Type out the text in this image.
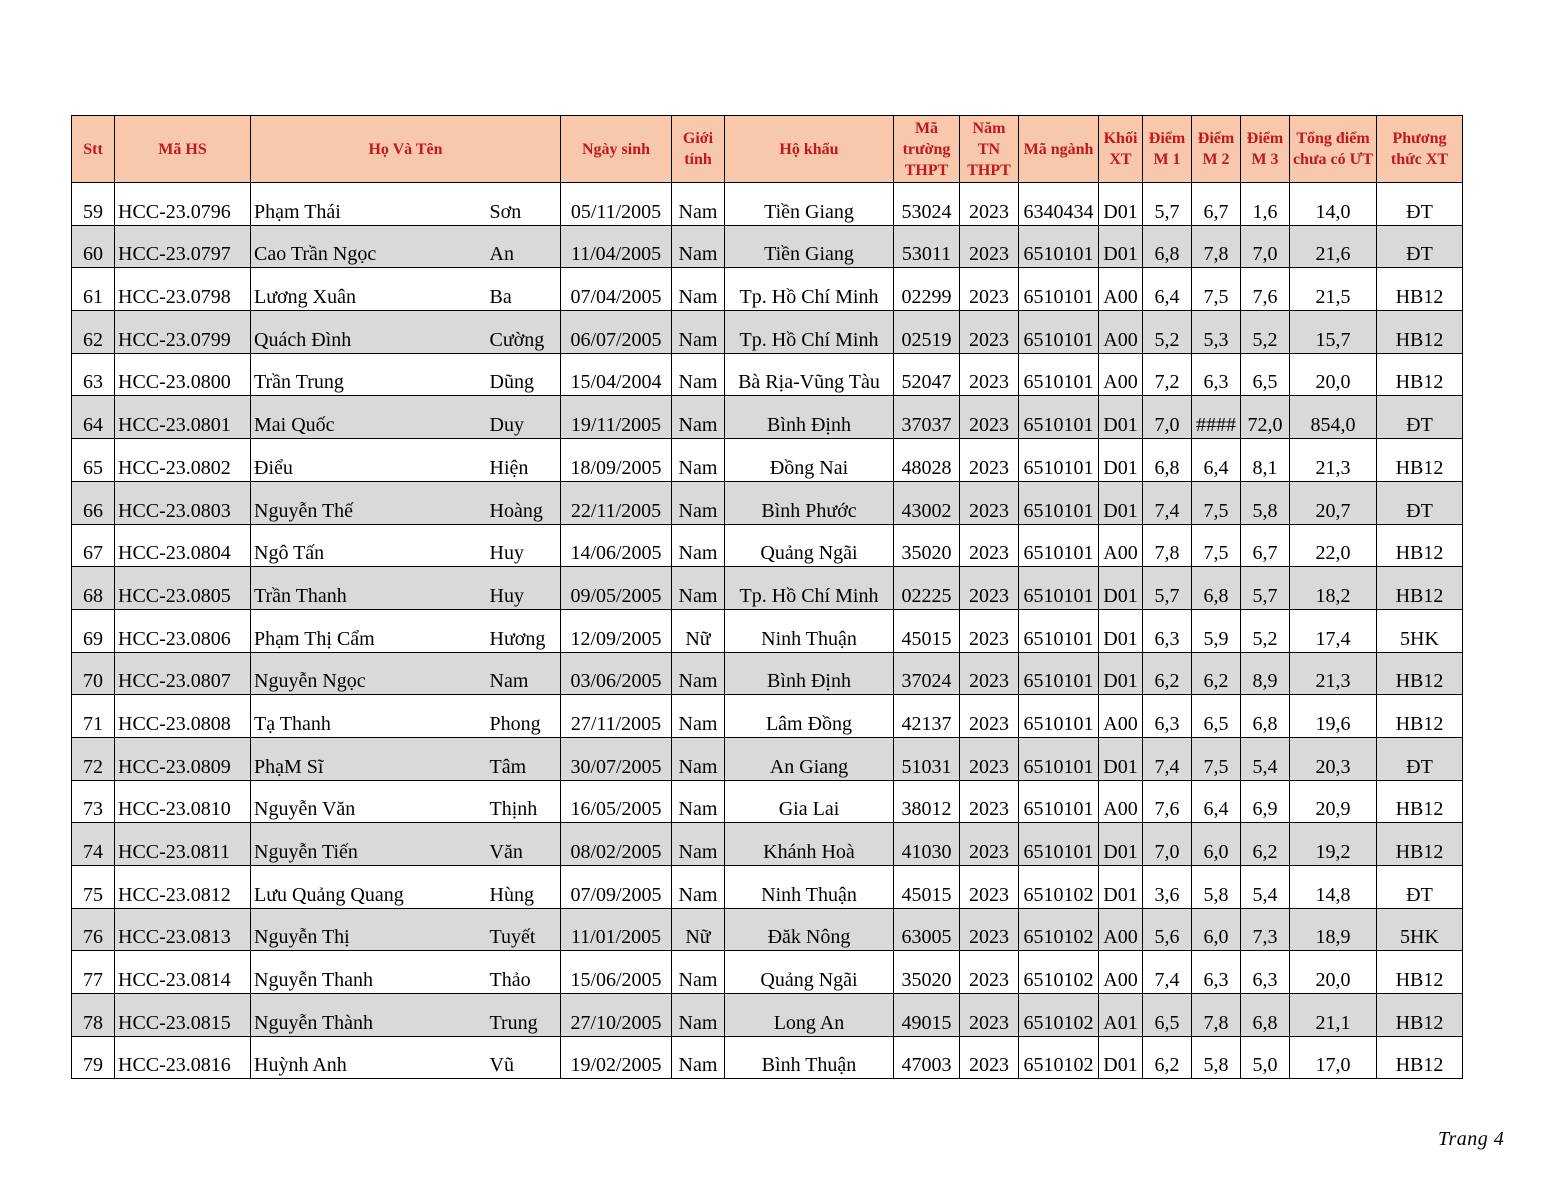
Stt	Mã HS	Họ Và Tên		Ngày sinh	Giới tính	Hộ khẩu	Mã trường THPT	Năm TN THPT	Mã ngành	Khối XT	Điểm M 1	Điểm M 2	Điểm M 3	Tổng điểm chưa có ƯT	Phương thức XT
59	HCC-23.0796	Phạm Thái	Sơn	05/11/2005	Nam	Tiền Giang	53024	2023	6340434	D01	5,7	6,7	1,6	14,0	ĐT
60	HCC-23.0797	Cao Trần Ngọc	An	11/04/2005	Nam	Tiền Giang	53011	2023	6510101	D01	6,8	7,8	7,0	21,6	ĐT
61	HCC-23.0798	Lương Xuân	Ba	07/04/2005	Nam	Tp. Hồ Chí Minh	02299	2023	6510101	A00	6,4	7,5	7,6	21,5	HB12
62	HCC-23.0799	Quách Đình	Cường	06/07/2005	Nam	Tp. Hồ Chí Minh	02519	2023	6510101	A00	5,2	5,3	5,2	15,7	HB12
63	HCC-23.0800	Trần Trung	Dũng	15/04/2004	Nam	Bà Rịa-Vũng Tàu	52047	2023	6510101	A00	7,2	6,3	6,5	20,0	HB12
64	HCC-23.0801	Mai Quốc	Duy	19/11/2005	Nam	Bình Định	37037	2023	6510101	D01	7,0	####	72,0	854,0	ĐT
65	HCC-23.0802	Điểu	Hiện	18/09/2005	Nam	Đồng Nai	48028	2023	6510101	D01	6,8	6,4	8,1	21,3	HB12
66	HCC-23.0803	Nguyễn Thế	Hoàng	22/11/2005	Nam	Bình Phước	43002	2023	6510101	D01	7,4	7,5	5,8	20,7	ĐT
67	HCC-23.0804	Ngô Tấn	Huy	14/06/2005	Nam	Quảng Ngãi	35020	2023	6510101	A00	7,8	7,5	6,7	22,0	HB12
68	HCC-23.0805	Trần Thanh	Huy	09/05/2005	Nam	Tp. Hồ Chí Minh	02225	2023	6510101	D01	5,7	6,8	5,7	18,2	HB12
69	HCC-23.0806	Phạm Thị Cẩm	Hương	12/09/2005	Nữ	Ninh Thuận	45015	2023	6510101	D01	6,3	5,9	5,2	17,4	5HK
70	HCC-23.0807	Nguyễn Ngọc	Nam	03/06/2005	Nam	Bình Định	37024	2023	6510101	D01	6,2	6,2	8,9	21,3	HB12
71	HCC-23.0808	Tạ Thanh	Phong	27/11/2005	Nam	Lâm Đồng	42137	2023	6510101	A00	6,3	6,5	6,8	19,6	HB12
72	HCC-23.0809	PhạM Sĩ	Tâm	30/07/2005	Nam	An Giang	51031	2023	6510101	D01	7,4	7,5	5,4	20,3	ĐT
73	HCC-23.0810	Nguyễn Văn	Thịnh	16/05/2005	Nam	Gia Lai	38012	2023	6510101	A00	7,6	6,4	6,9	20,9	HB12
74	HCC-23.0811	Nguyễn Tiến	Văn	08/02/2005	Nam	Khánh Hoà	41030	2023	6510101	D01	7,0	6,0	6,2	19,2	HB12
75	HCC-23.0812	Lưu Quảng Quang	Hùng	07/09/2005	Nam	Ninh Thuận	45015	2023	6510102	D01	3,6	5,8	5,4	14,8	ĐT
76	HCC-23.0813	Nguyễn Thị	Tuyết	11/01/2005	Nữ	Đăk Nông	63005	2023	6510102	A00	5,6	6,0	7,3	18,9	5HK
77	HCC-23.0814	Nguyễn Thanh	Thảo	15/06/2005	Nam	Quảng Ngãi	35020	2023	6510102	A00	7,4	6,3	6,3	20,0	HB12
78	HCC-23.0815	Nguyễn Thành	Trung	27/10/2005	Nam	Long An	49015	2023	6510102	A01	6,5	7,8	6,8	21,1	HB12
79	HCC-23.0816	Huỳnh Anh	Vũ	19/02/2005	Nam	Bình Thuận	47003	2023	6510102	D01	6,2	5,8	5,0	17,0	HB12
Trang 4
